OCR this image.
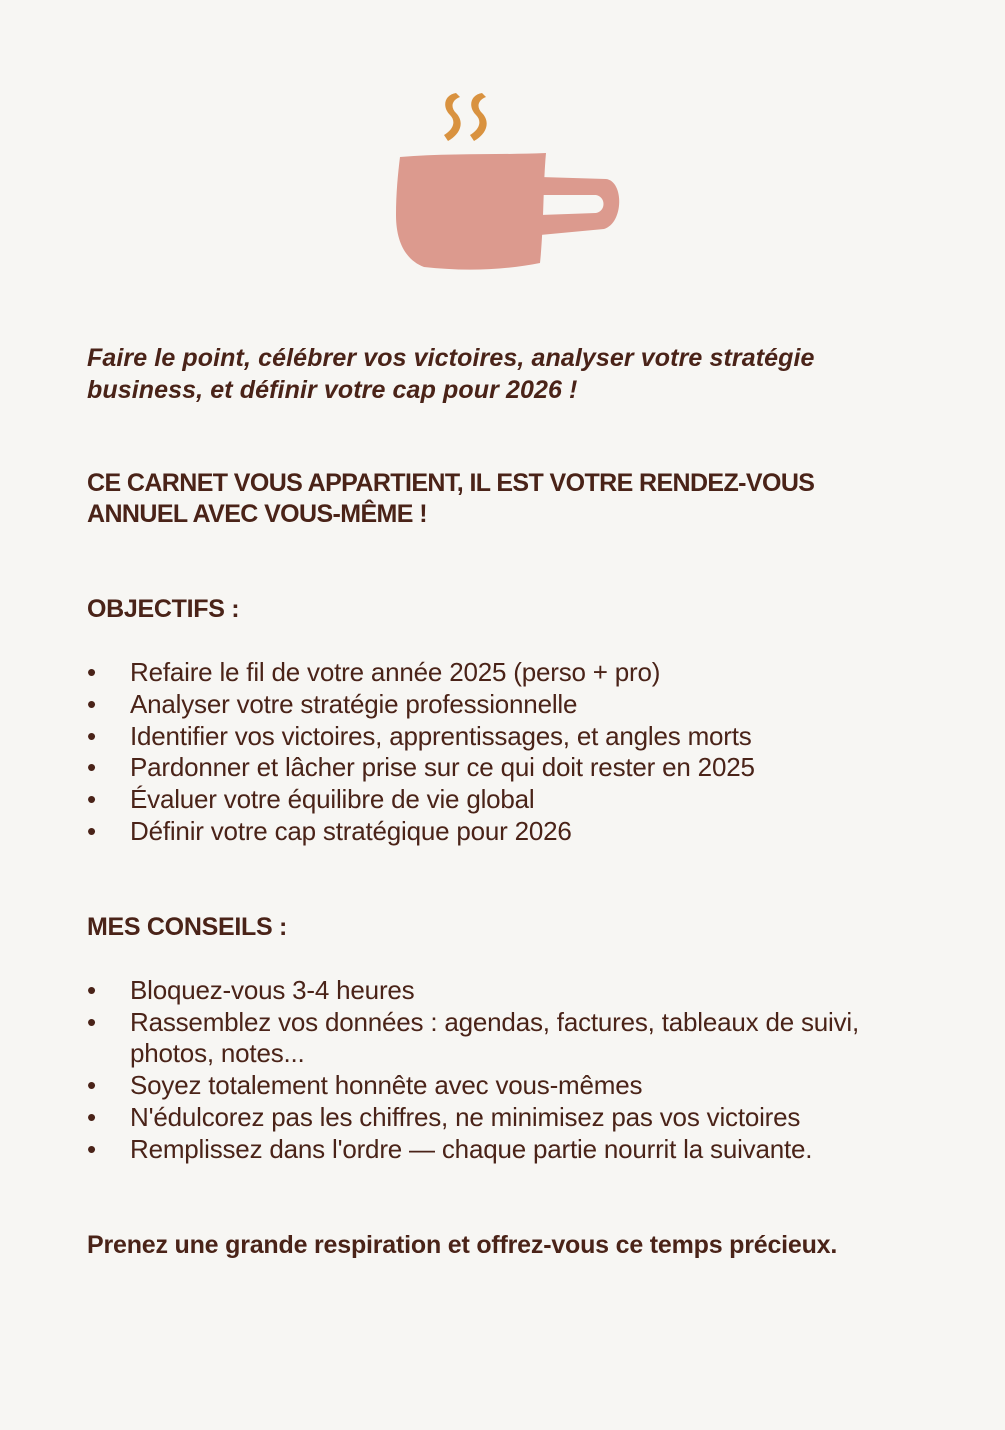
Faire le point, célébrer vos victoires, analyser votre stratégie business, et définir votre cap pour 2026 !

CE CARNET VOUS APPARTIENT, IL EST VOTRE RENDEZ-VOUS ANNUEL AVEC VOUS-MÊME !

OBJECTIFS :

• Refaire le fil de votre année 2025 (perso + pro)
• Analyser votre stratégie professionnelle
• Identifier vos victoires, apprentissages, et angles morts
• Pardonner et lâcher prise sur ce qui doit rester en 2025
• Évaluer votre équilibre de vie global
• Définir votre cap stratégique pour 2026

MES CONSEILS :

• Bloquez-vous 3-4 heures
• Rassemblez vos données : agendas, factures, tableaux de suivi, photos, notes...
• Soyez totalement honnête avec vous-mêmes
• N'édulcorez pas les chiffres, ne minimisez pas vos victoires
• Remplissez dans l'ordre — chaque partie nourrit la suivante.

Prenez une grande respiration et offrez-vous ce temps précieux.
